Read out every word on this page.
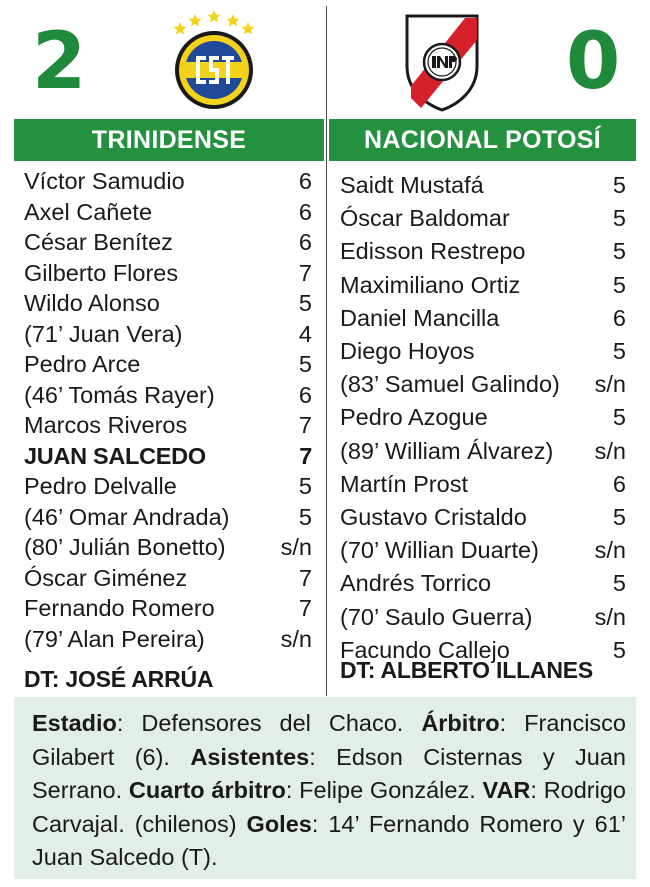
2	0
TRINIDENSE	NACIONAL POTOSÍ
Víctor Samudio	6
Axel Cañete	6
César Benítez	6
Gilberto Flores	7
Wildo Alonso	5
(71’ Juan Vera)	4
Pedro Arce	5
(46’ Tomás Rayer)	6
Marcos Riveros	7
JUAN SALCEDO	7
Pedro Delvalle	5
(46’ Omar Andrada)	5
(80’ Julián Bonetto) s/n
Óscar Giménez	7
Fernando Romero	7
(79’ Alan Pereira)	s/n
Saidt Mustafá	5
Óscar Baldomar	5
Edisson Restrepo	5
Maximiliano Ortiz	5
Daniel Mancilla	6
Diego Hoyos	5
(83’ Samuel Galindo) s/n
Pedro Azogue	5
(89’ William Álvarez) s/n
Martín Prost	6
Gustavo Cristaldo	5
(70’ Willian Duarte) s/n
Andrés Torrico	5
(70’ Saulo Guerra)	s/n
Facundo Callejo	5
DT: JOSÉ ARRÚA	DT: ALBERTO ILLANES

Estadio: Defensores del Chaco. Árbitro: Francisco Gilabert (6). Asistentes: Edson Cisternas y Juan Serrano. Cuarto árbitro: Felipe González. VAR: Rodrigo Carvajal. (chilenos) Goles: 14’ Fernando Romero y 61’ Juan Salcedo (T).
